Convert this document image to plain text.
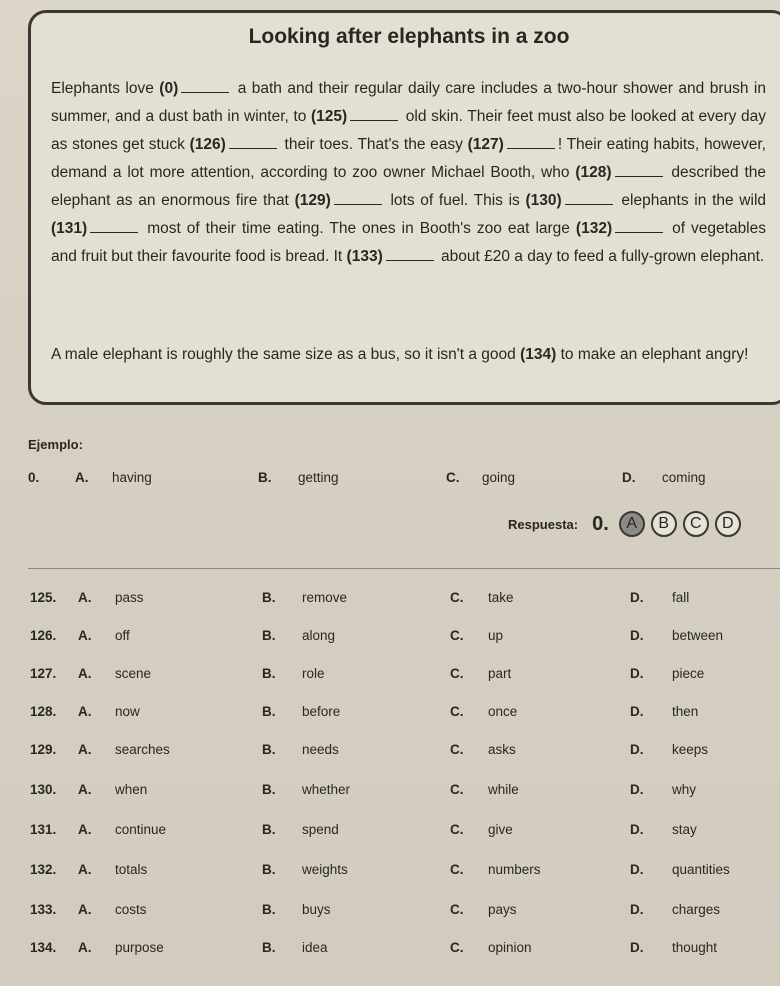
Looking after elephants in a zoo
Elephants love (0)	a bath and their regular daily care includes a two-hour shower and brush in summer, and a dust bath in winter, to (125)	old skin. Their feet must also be looked at every day as stones get stuck (126)	their toes. That's the easy (127)	! Their eating habits, however, demand a lot more attention, according to zoo owner Michael Booth, who (128)	described the elephant as an enormous fire that (129)	lots of fuel. This is (130)	elephants in the wild (131)	most of their time eating. The ones in Booth's zoo eat large (132)	of vegetables and fruit but their favourite food is bread. It (133)	about £20 a day to feed a fully-grown elephant.
A male elephant is roughly the same size as a bus, so it isn't a good (134) to make an elephant angry!
Ejemplo:
0.	A. having	B. getting	C. going	D. coming
Respuesta: 0.	A	B	C	D
125. A. pass	B. remove	C. take	D. fall
126. A. off	B. along	C. up	D. between
127. A. scene	B. role	C. part	D. piece
128. A. now	B. before	C. once	D. then
129. A. searches	B. needs	C. asks	D. keeps
130. A. when	B. whether	C. while	D. why
131. A. continue	B. spend	C. give	D. stay
132. A. totals	B. weights	C. numbers	D. quantities
133. A. costs	B. buys	C. pays	D. charges
134. A. purpose	B. idea	C. opinion	D. thought
